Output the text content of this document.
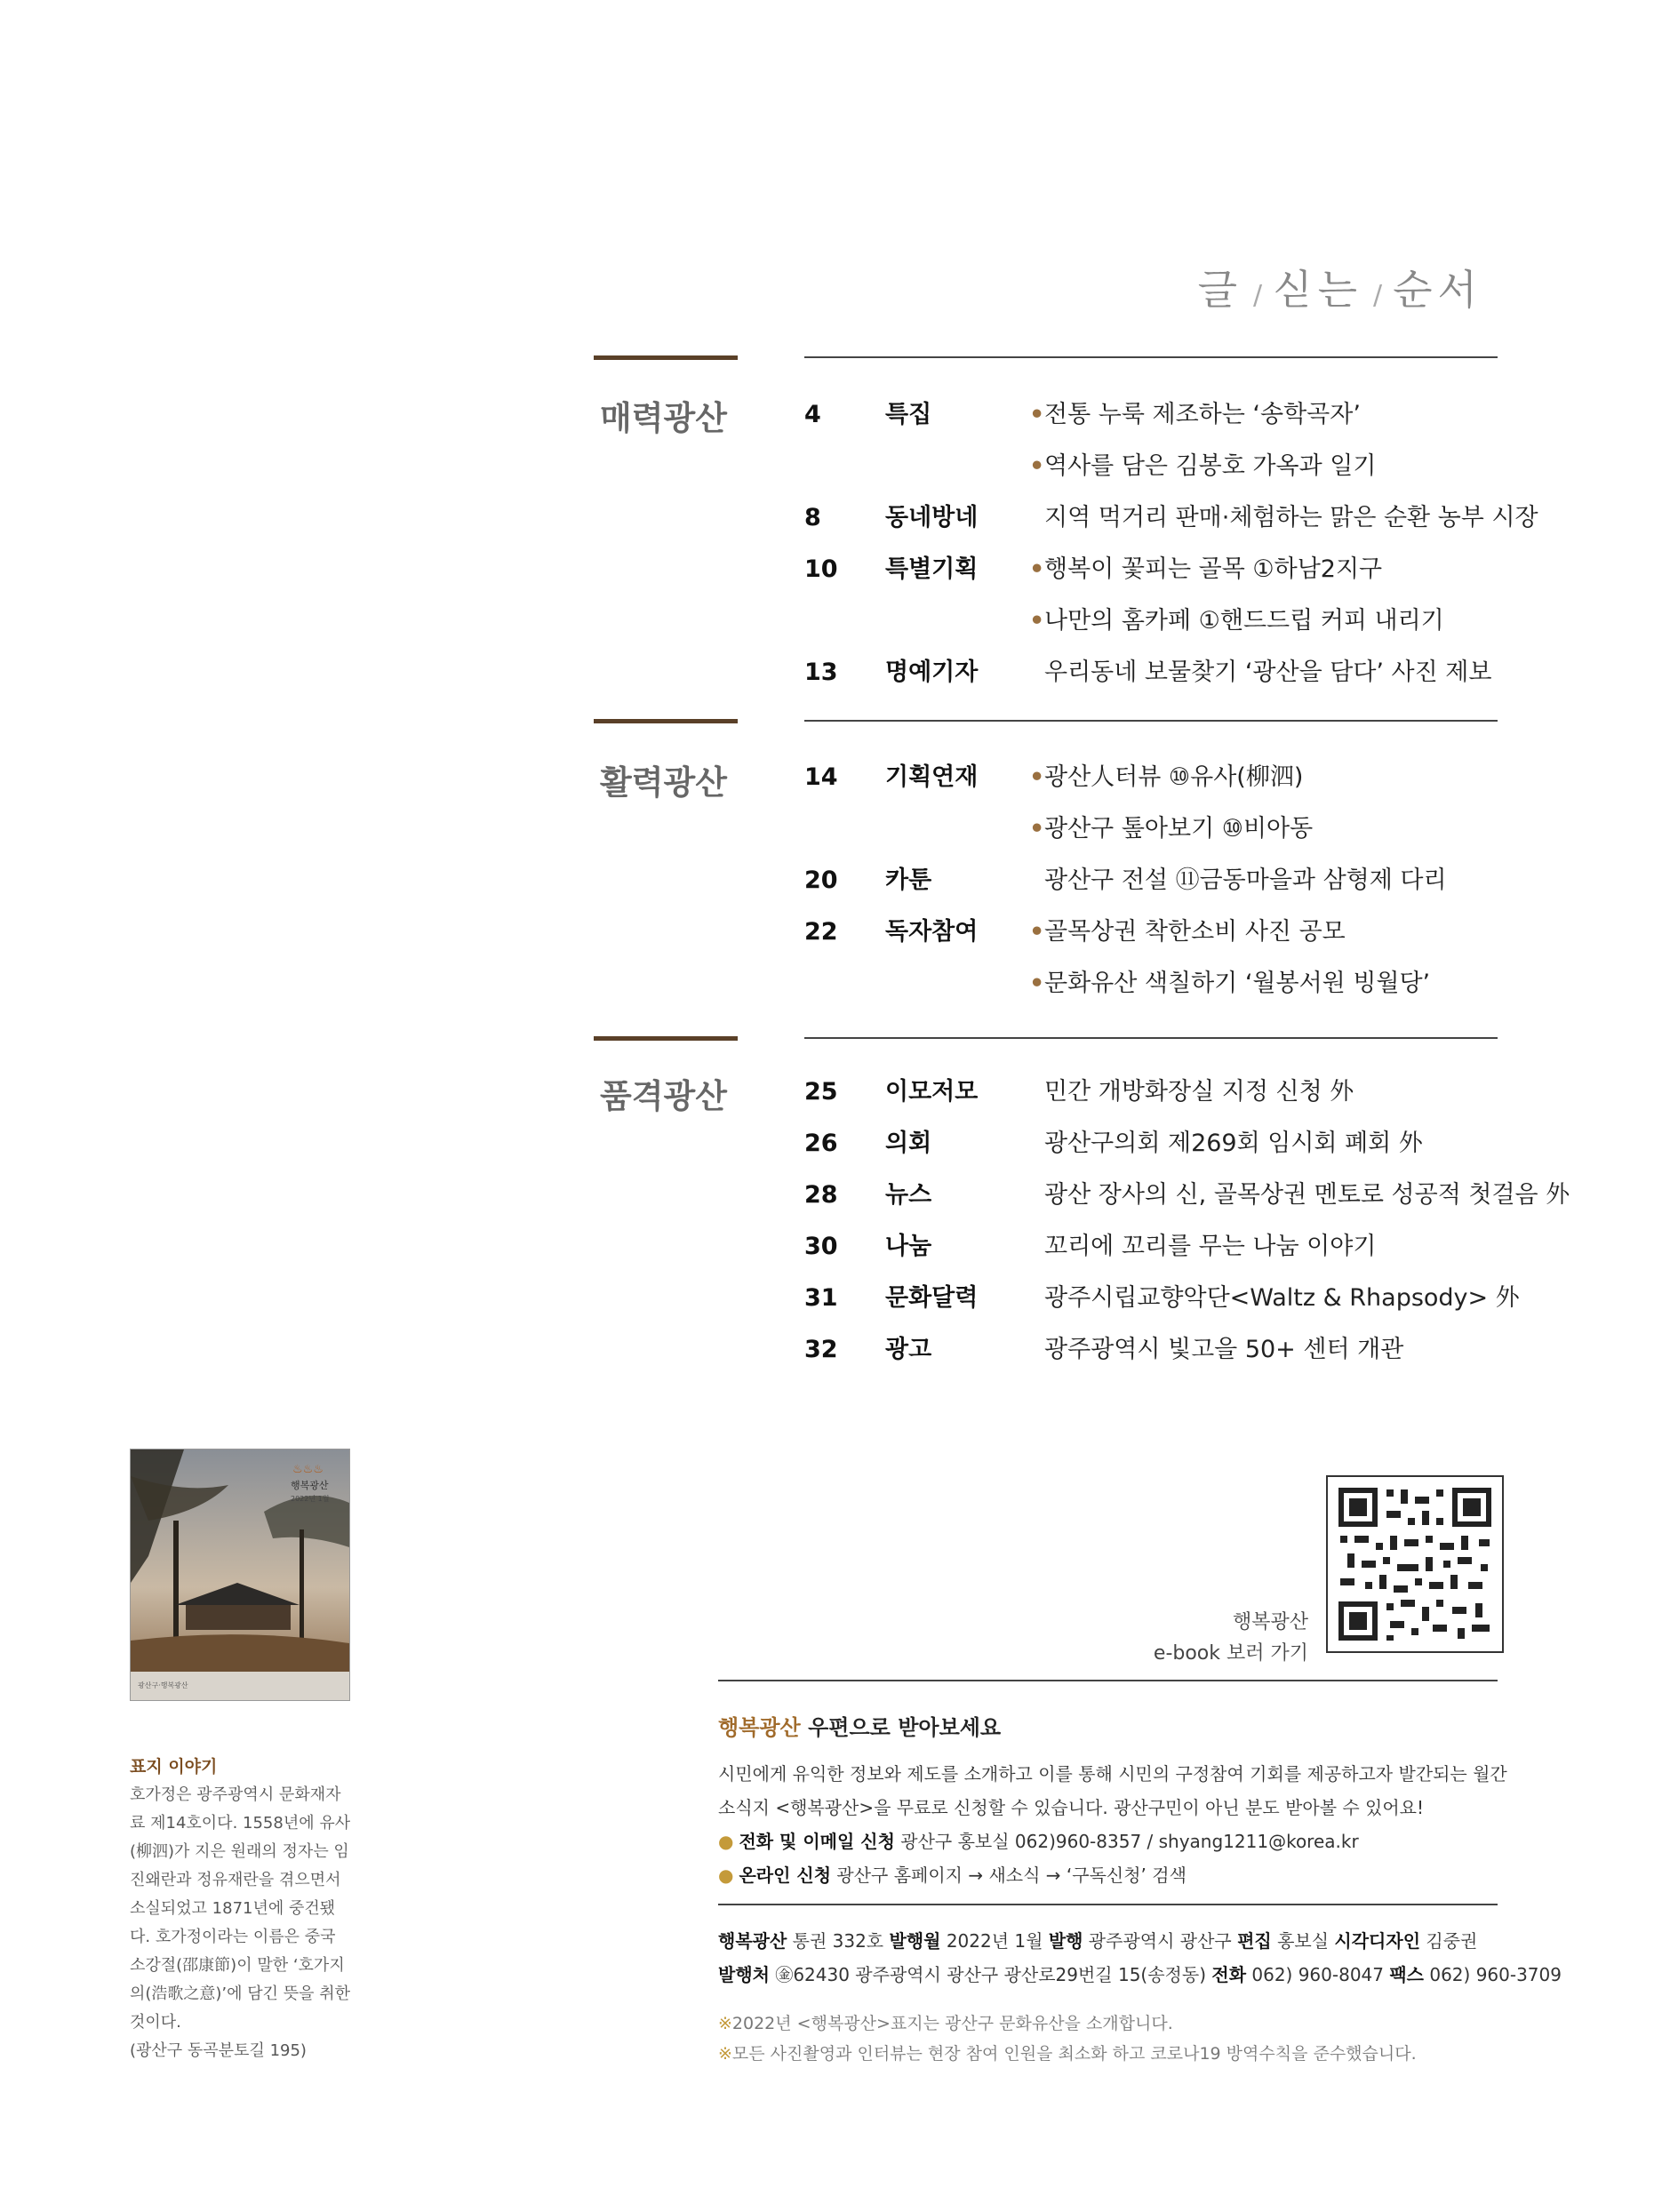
글 / 싣는 / 순서
매력광산
활력광산
품격광산
4	특집	• 전통 누룩 제조하는 ‘송학곡자’
• 역사를 담은 김봉호 가옥과 일기
8	동네방네	지역 먹거리 판매·체험하는 맑은 순환 농부 시장
10 특별기획 • 행복이 꽃피는 골목 ①하남2지구
• 나만의 홈카페 ①핸드드립 커피 내리기
13 명예기자	우리동네 보물찾기 ‘광산을 담다’ 사진 제보
14 기획연재 • 광산人터뷰 ⑩유사(柳泗)
• 광산구 톺아보기 ⑩비아동
20 카툰	광산구 전설 ⑪금동마을과 삼형제 다리
22 독자참여 • 골목상권 착한소비 사진 공모
• 문화유산 색칠하기 ‘월봉서원 빙월당’
25 이모저모	민간 개방화장실 지정 신청 外
26 의회	광산구의회 제269회 임시회 폐회 外
28 뉴스	광산 장사의 신, 골목상권 멘토로 성공적 첫걸음 外
30 나눔	꼬리에 꼬리를 무는 나눔 이야기
31 문화달력	광주시립교향악단<Waltz & Rhapsody> 外
32 광고	광주광역시 빛고을 50+ 센터 개관
♨♨♨
행복광산
2022년 1월
광산구·행복광산
표지 이야기
호가정은 광주광역시 문화재자
료 제14호이다. 1558년에 유사
(柳泗)가 지은 원래의 정자는 임
진왜란과 정유재란을 겪으면서
소실되었고 1871년에 중건됐
다. 호가정이라는 이름은 중국
소강절(邵康節)이 말한 ‘호가지
의(浩歌之意)’에 담긴 뜻을 취한
것이다.
(광산구 동곡분토길 195)
행복광산
e-book 보러 가기
행복광산 우편으로 받아보세요
시민에게 유익한 정보와 제도를 소개하고 이를 통해 시민의 구정참여 기회를 제공하고자 발간되는 월간
소식지 <행복광산>을 무료로 신청할 수 있습니다. 광산구민이 아닌 분도 받아볼 수 있어요!
● 전화 및 이메일 신청 광산구 홍보실 062)960-8357 / shyang1211@korea.kr
● 온라인 신청 광산구 홈페이지 → 새소식 → ‘구독신청’ 검색
행복광산 통권 332호 발행월 2022년 1월 발행 광주광역시 광산구 편집 홍보실 시각디자인 김중권
발행처 ㊎62430 광주광역시 광산구 광산로29번길 15(송정동) 전화 062) 960-8047 팩스 062) 960-3709
※2022년 <행복광산>표지는 광산구 문화유산을 소개합니다.
※모든 사진촬영과 인터뷰는 현장 참여 인원을 최소화 하고 코로나19 방역수칙을 준수했습니다.
